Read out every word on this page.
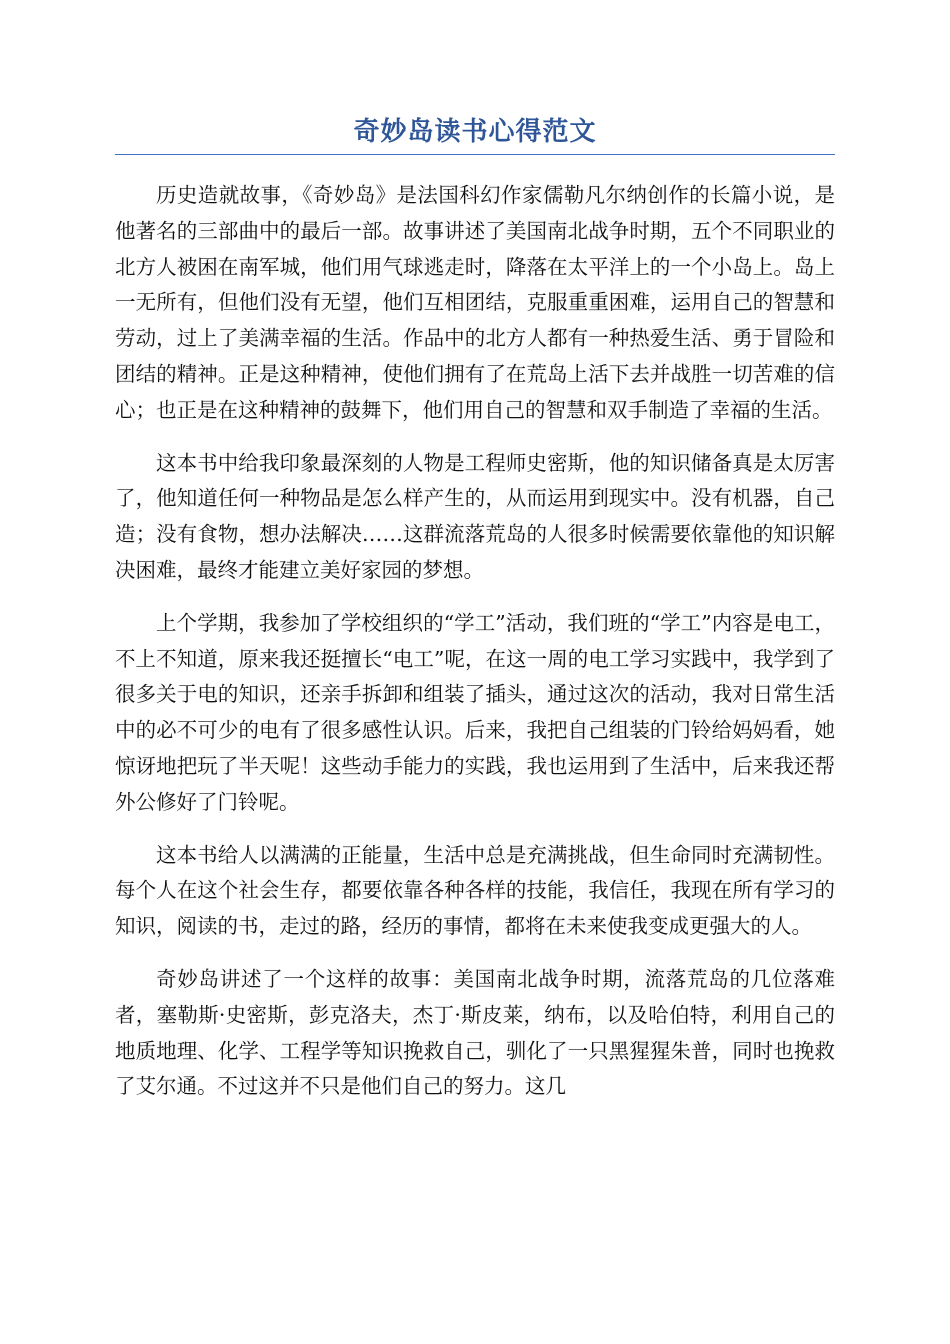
奇妙岛读书心得范文

历史造就故事，《奇妙岛》是法国科幻作家儒勒凡尔纳创作的长篇小说，是他著名的三部曲中的最后一部。故事讲述了美国南北战争时期，五个不同职业的北方人被困在南军城，他们用气球逃走时，降落在太平洋上的一个小岛上。岛上一无所有，但他们没有无望，他们互相团结，克服重重困难，运用自己的智慧和劳动，过上了美满幸福的生活。作品中的北方人都有一种热爱生活、勇于冒险和团结的精神。正是这种精神，使他们拥有了在荒岛上活下去并战胜一切苦难的信心；也正是在这种精神的鼓舞下，他们用自己的智慧和双手制造了幸福的生活。

这本书中给我印象最深刻的人物是工程师史密斯，他的知识储备真是太厉害了，他知道任何一种物品是怎么样产生的，从而运用到现实中。没有机器，自己造；没有食物，想办法解决……这群流落荒岛的人很多时候需要依靠他的知识解决困难，最终才能建立美好家园的梦想。

上个学期，我参加了学校组织的“学工”活动，我们班的“学工”内容是电工，不上不知道，原来我还挺擅长“电工”呢，在这一周的电工学习实践中，我学到了很多关于电的知识，还亲手拆卸和组装了插头，通过这次的活动，我对日常生活中的必不可少的电有了很多感性认识。后来，我把自己组装的门铃给妈妈看，她惊讶地把玩了半天呢！这些动手能力的实践，我也运用到了生活中，后来我还帮外公修好了门铃呢。

这本书给人以满满的正能量，生活中总是充满挑战，但生命同时充满韧性。每个人在这个社会生存，都要依靠各种各样的技能，我信任，我现在所有学习的知识，阅读的书，走过的路，经历的事情，都将在未来使我变成更强大的人。

奇妙岛讲述了一个这样的故事：美国南北战争时期，流落荒岛的几位落难者，塞勒斯·史密斯，彭克洛夫，杰丁·斯皮莱，纳布，以及哈伯特，利用自己的地质地理、化学、工程学等知识挽救自己，驯化了一只黑猩猩朱普，同时也挽救了艾尔通。不过这并不只是他们自己的努力。这几
